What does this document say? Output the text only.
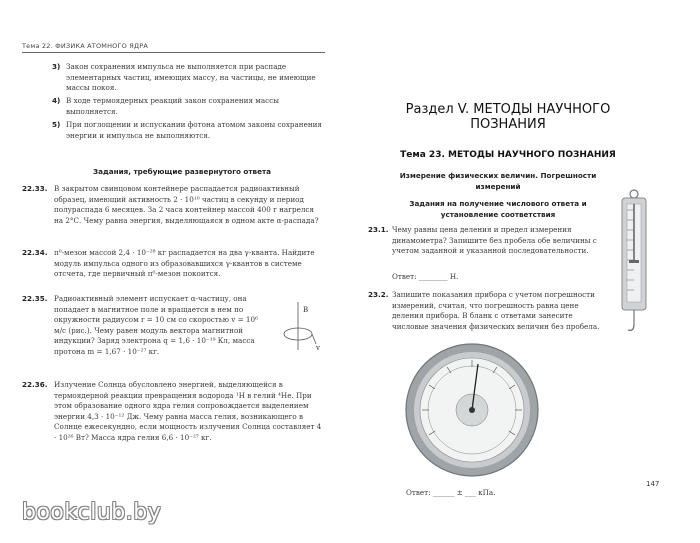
Тема 22. ФИЗИКА АТОМНОГО ЯДРА
3) Закон сохранения импульса не выполняется при распаде элементарных частиц, имеющих массу, на частицы, не имеющие массы покоя.
4) В ходе термоядерных реакций закон сохранения массы выполняется.
5) При поглощении и испускании фотона атомом законы сохранения энергии и импульса не выполняются.
Задания, требующие развернутого ответа
22.33. В закрытом свинцовом контейнере распадается радиоактивный образец, имеющий активность 2 · 10¹⁰ частиц в секунду и период полураспада 6 месяцев. За 2 часа контейнер массой 400 г нагрелся на 2°С. Чему равна энергия, выделяющаяся в одном акте α-распада?
22.34. π⁰-мезон массой 2,4 · 10⁻²⁸ кг распадается на два γ-кванта. Найдите модуль импульса одного из образовавшихся γ-квантов в системе отсчета, где первичный π⁰-мезон покоится.
22.35. Радиоактивный элемент испускает α-частицу, она попадает в магнитное поле и вращается в нем по окружности радиусом r = 10 см со скоростью v = 10⁶ м/с (рис.). Чему равен модуль вектора магнитной индукции? Заряд электрона q = 1,6 · 10⁻¹⁹ Кл, масса протона m = 1,67 · 10⁻²⁷ кг.
B
v
22.36. Излучение Солнца обусловлено энергией, выделяющейся в термоядерной реакции превращения водорода ¹H в гелий ⁴He. При этом образование одного ядра гелия сопровождается выделением энергии 4,3 · 10⁻¹² Дж. Чему равна масса гелия, возникающего в Солнце ежесекундно, если мощность излучения Солнца составляет 4 · 10²⁶ Вт? Масса ядра гелия 6,6 · 10⁻²⁷ кг.
Раздел V. МЕТОДЫ НАУЧНОГО ПОЗНАНИЯ
Тема 23. МЕТОДЫ НАУЧНОГО ПОЗНАНИЯ
Измерение физических величин. Погрешности измерений
Задания на получение числового ответа и установление соответствия
23.1. Чему равны цена деления и предел измерения динамометра? Запишите без пробела обе величины с учетом заданной и указанной последовательности.
Ответ: ________ Н.
23.2. Запишите показания прибора с учетом погрешности измерений, считая, что погрешность равна цене деления прибора. В бланк с ответами занесите числовые значения физических величин без пробела.
Ответ: ______ ± ___ кПа.
147
bookclub.by
